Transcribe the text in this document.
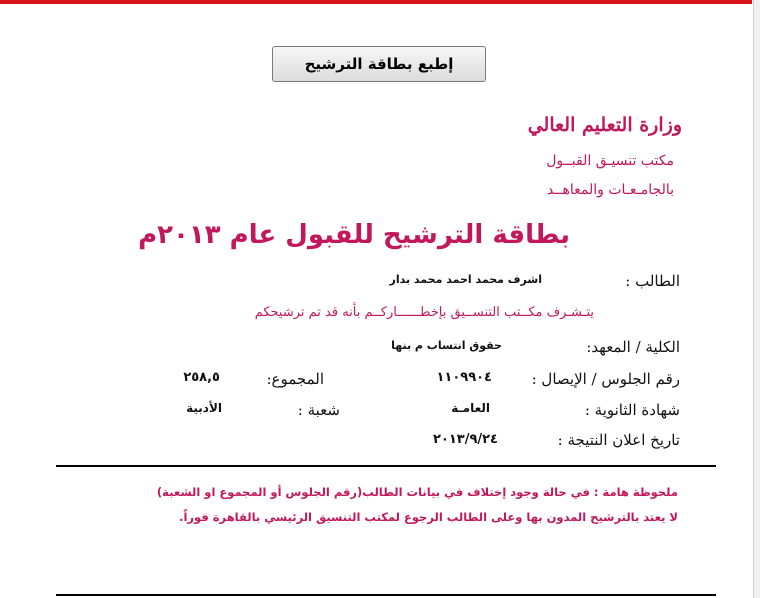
إطبع بطاقة الترشيح
وزارة التعليم العالي
مكتب تنسيـق القبــول
بالجامـعـات والمعاهــد
بطاقة الترشيح للقبول عام ٢٠١٣م
الطالب :
اشرف محمد احمد محمد بدار
يتـشـرف مكــتب التنســيق بإخطــــــاركــم بأنه قد تم ترشيحكم
الكلية / المعهد:
حقوق انتساب م بنها
رقم الجلوس / الإيصال :
١١٠٩٩٠٤
المجموع:
٢٥٨,٥
شهادة الثانوية :
العامـة
شعبة :
الأدبية
تاريخ اعلان النتيجة :
٢٠١٣/٩/٢٤
ملحوظة هامة : في حالة وجود إختلاف في بيانات الطالب(رقم الجلوس أو المجموع او الشعبة)
لا يعتد بالترشيح المدون بها وعلى الطالب الرجوع لمكتب التنسيق الرئيسي بالقاهرة فوراً.
